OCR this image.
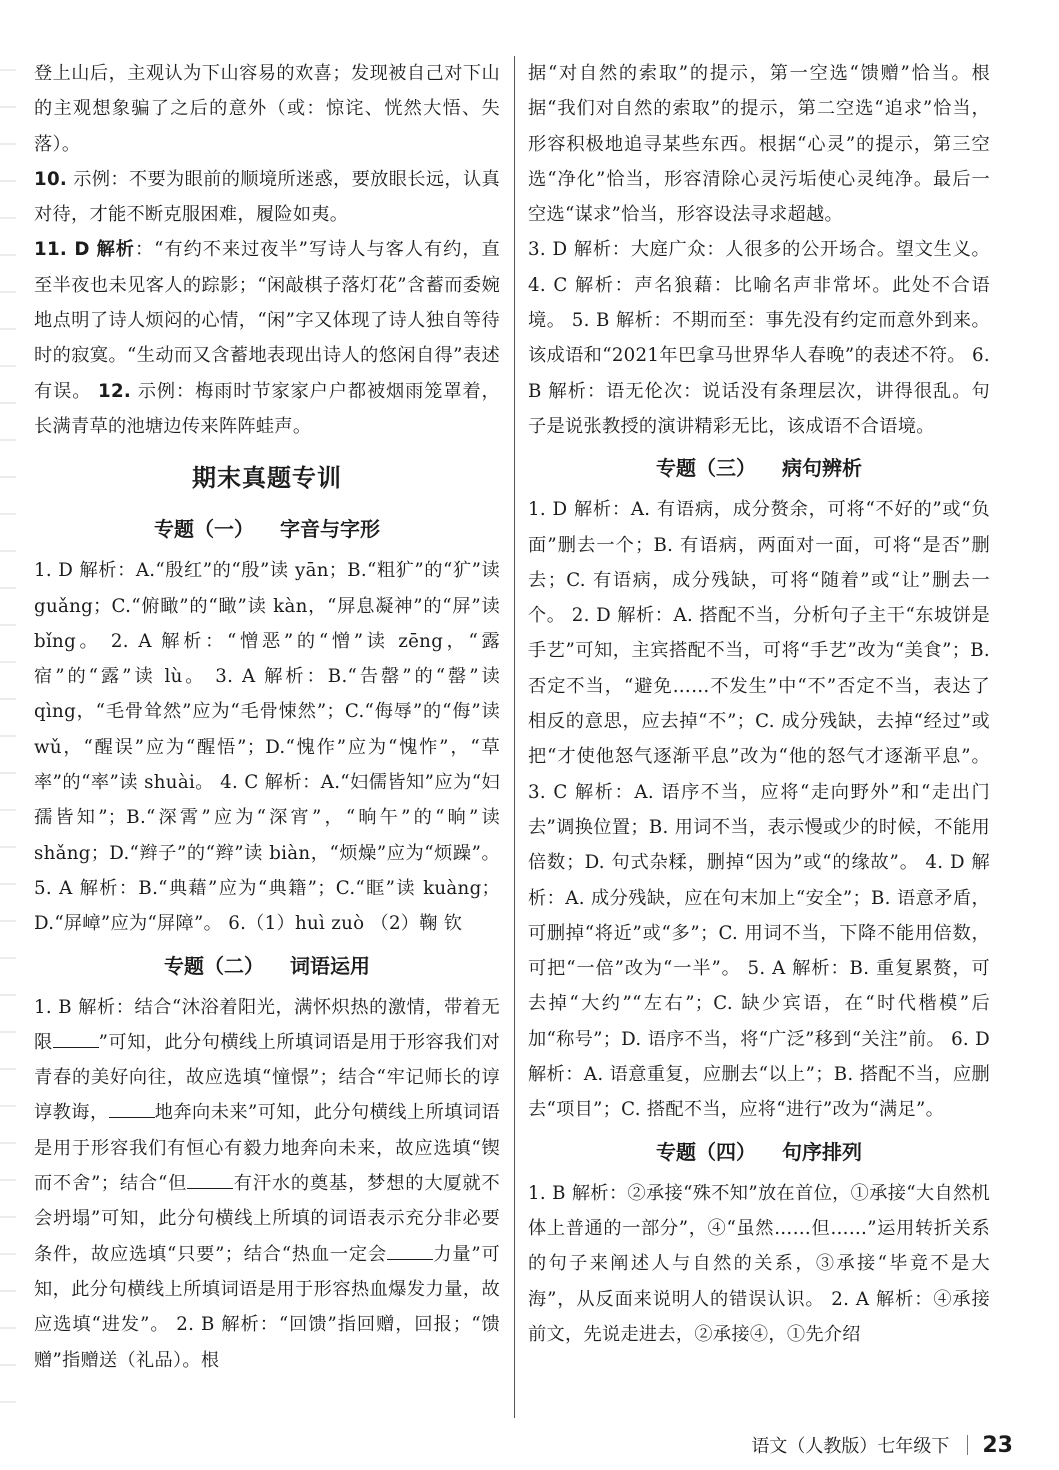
登上山后，主观认为下山容易的欢喜；发现被自己对下山的主观想象骗了之后的意外（或：惊诧、恍然大悟、失落）。

10. 示例：不要为眼前的顺境所迷惑，要放眼长远，认真对待，才能不断克服困难，履险如夷。

11. D 解析：“有约不来过夜半”写诗人与客人有约，直至半夜也未见客人的踪影；“闲敲棋子落灯花”含蓄而委婉地点明了诗人烦闷的心情，“闲”字又体现了诗人独自等待时的寂寞。“生动而又含蓄地表现出诗人的悠闲自得”表述有误。 12. 示例：梅雨时节家家户户都被烟雨笼罩着，长满青草的池塘边传来阵阵蛙声。

期末真题专训
专题（一） 字音与字形

1. D 解析：A.“殷红”的“殷”读 yān；B.“粗犷”的“犷”读 guǎng；C.“俯瞰”的“瞰”读 kàn，“屏息凝神”的“屏”读 bǐng。 2. A 解析：“憎恶”的“憎”读 zēng，“露宿”的“露”读 lù。 3. A 解析：B.“告罄”的“罄”读 qìng，“毛骨耸然”应为“毛骨悚然”；C.“侮辱”的“侮”读 wǔ，“醒误”应为“醒悟”；D.“愧作”应为“愧怍”，“草率”的“率”读 shuài。 4. C 解析：A.“妇儒皆知”应为“妇孺皆知”；B.“深霄”应为“深宵”，“晌午”的“晌”读 shǎng；D.“辫子”的“辫”读 biàn，“烦燥”应为“烦躁”。 5. A 解析：B.“典藉”应为“典籍”；C.“眶”读 kuàng；D.“屏嶂”应为“屏障”。 6.（1）huì zuò （2）鞠 钦

专题（二） 词语运用

1. B 解析：结合“沐浴着阳光，满怀炽热的激情，带着无限	”可知，此分句横线上所填词语是用于形容我们对青春的美好向往，故应选填“憧憬”；结合“牢记师长的谆谆教诲，	地奔向未来”可知，此分句横线上所填词语是用于形容我们有恒心有毅力地奔向未来，故应选填“锲而不舍”；结合“但	有汗水的奠基，梦想的大厦就不会坍塌”可知，此分句横线上所填的词语表示充分非必要条件，故应选填“只要”；结合“热血一定会	力量”可知，此分句横线上所填词语是用于形容热血爆发力量，故应选填“进发”。 2. B 解析：“回馈”指回赠，回报；“馈赠”指赠送（礼品）。根

据“对自然的索取”的提示，第一空选“馈赠”恰当。根据“我们对自然的索取”的提示，第二空选“追求”恰当，形容积极地追寻某些东西。根据“心灵”的提示，第三空选“净化”恰当，形容清除心灵污垢使心灵纯净。最后一空选“谋求”恰当，形容设法寻求超越。

3. D 解析：大庭广众：人很多的公开场合。望文生义。 4. C 解析：声名狼藉：比喻名声非常坏。此处不合语境。 5. B 解析：不期而至：事先没有约定而意外到来。该成语和“2021年巴拿马世界华人春晚”的表述不符。 6. B 解析：语无伦次：说话没有条理层次，讲得很乱。句子是说张教授的演讲精彩无比，该成语不合语境。

专题（三） 病句辨析

1. D 解析：A. 有语病，成分赘余，可将“不好的”或“负面”删去一个；B. 有语病，两面对一面，可将“是否”删去；C. 有语病，成分残缺，可将“随着”或“让”删去一个。 2. D 解析：A. 搭配不当，分析句子主干“东坡饼是手艺”可知，主宾搭配不当，可将“手艺”改为“美食”；B. 否定不当，“避免……不发生”中“不”否定不当，表达了相反的意思，应去掉“不”；C. 成分残缺，去掉“经过”或把“才使他怒气逐渐平息”改为“他的怒气才逐渐平息”。 3. C 解析：A. 语序不当，应将“走向野外”和“走出门去”调换位置；B. 用词不当，表示慢或少的时候，不能用倍数；D. 句式杂糅，删掉“因为”或“的缘故”。 4. D 解析：A. 成分残缺，应在句末加上“安全”；B. 语意矛盾，可删掉“将近”或“多”；C. 用词不当，下降不能用倍数，可把“一倍”改为“一半”。 5. A 解析：B. 重复累赘，可去掉“大约”“左右”；C. 缺少宾语，在“时代楷模”后加“称号”；D. 语序不当，将“广泛”移到“关注”前。 6. D 解析：A. 语意重复，应删去“以上”；B. 搭配不当，应删去“项目”；C. 搭配不当，应将“进行”改为“满足”。

专题（四） 句序排列

1. B 解析：②承接“殊不知”放在首位，①承接“大自然机体上普通的一部分”，④“虽然……但……”运用转折关系的句子来阐述人与自然的关系，③承接“毕竟不是大海”，从反面来说明人的错误认识。 2. A 解析：④承接前文，先说走进去，②承接④，①先介绍

语文（人教版）七年级下 23
